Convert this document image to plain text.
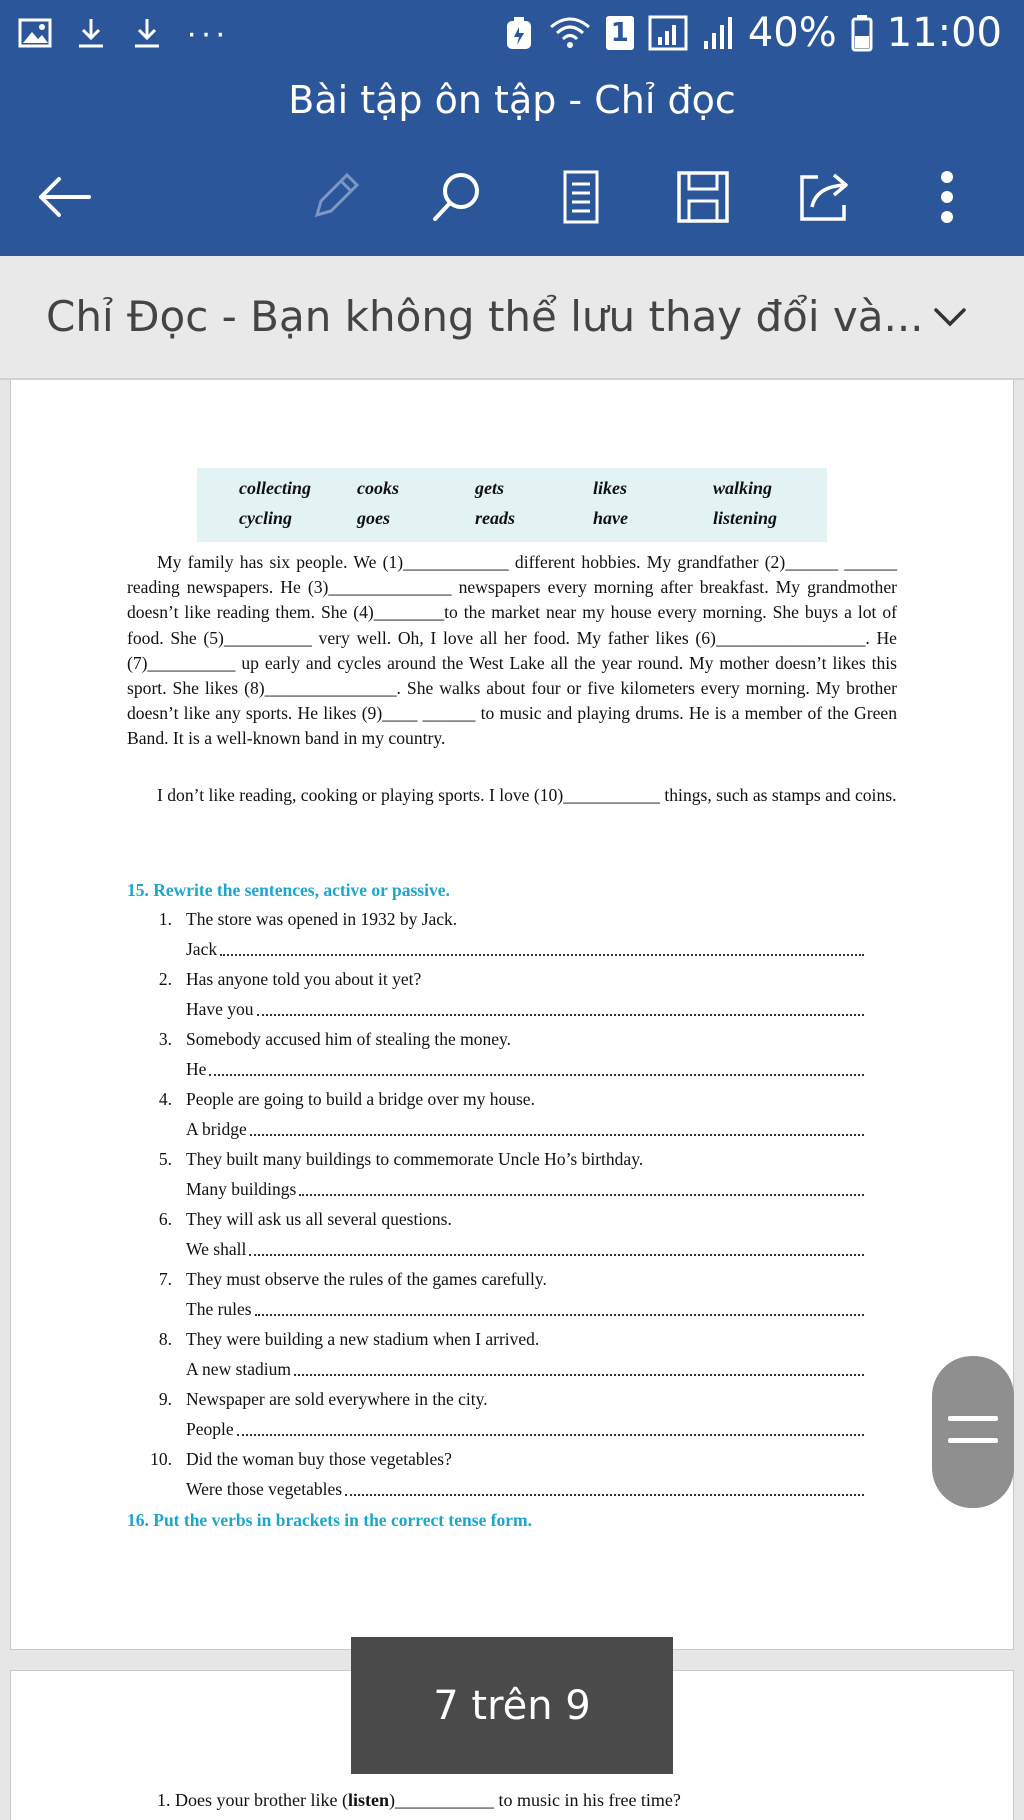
···	1	40% 11:00
Bài tập ôn tập - Chỉ đọc
Chỉ Đọc - Bạn không thể lưu thay đổi và...
collecting	cooks	gets	likes	walking
cycling	goes	reads	have	listening

My family has six people. We (1)____________ different hobbies. My grandfather (2)______ ______ reading newspapers. He (3)______________ newspapers every morning after breakfast. My grandmother doesn’t like reading them. She (4)________to the market near my house every morning. She buys a lot of food. She (5)__________ very well. Oh, I love all her food. My father likes (6)_________________. He (7)__________ up early and cycles around the West Lake all the year round. My mother doesn’t likes this sport. She likes (8)_______________. She walks about four or five kilometers every morning. My brother doesn’t like any sports. He likes (9)____ ______ to music and playing drums. He is a member of the Green Band. It is a well-known band in my country.

I don’t like reading, cooking or playing sports. I love (10)___________ things, such as stamps and coins.

15. Rewrite the sentences, active or passive.
1. The store was opened in 1932 by Jack.
Jack
2. Has anyone told you about it yet?
Have you
3. Somebody accused him of stealing the money.
He
4. People are going to build a bridge over my house.
A bridge
5. They built many buildings to commemorate Uncle Ho’s birthday.
Many buildings
6. They will ask us all several questions.
We shall
7. They must observe the rules of the games carefully.
The rules
8. They were building a new stadium when I arrived.
A new stadium
9. Newspaper are sold everywhere in the city.
People
10. Did the woman buy those vegetables?
Were those vegetables
16. Put the verbs in brackets in the correct tense form.
1. Does your brother like (listen)___________ to music in his free time?
7 trên 9
